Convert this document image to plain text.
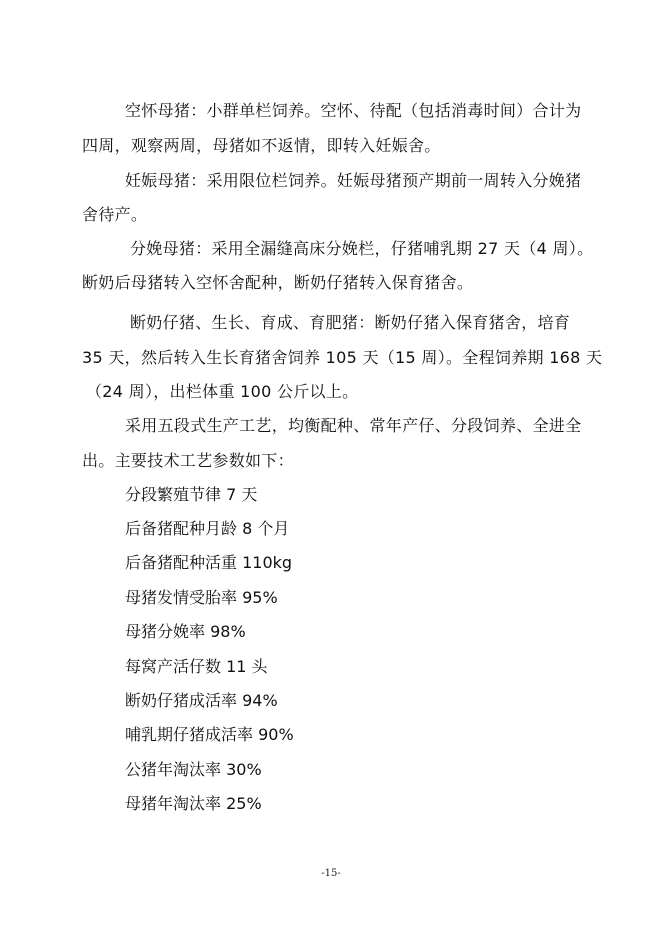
空怀母猪：小群单栏饲养。空怀、待配（包括消毒时间）合计为
四周，观察两周，母猪如不返情，即转入妊娠舍。
妊娠母猪：采用限位栏饲养。妊娠母猪预产期前一周转入分娩猪
舍待产。
分娩母猪：采用全漏缝高床分娩栏，仔猪哺乳期 27 天（4 周）。
断奶后母猪转入空怀舍配种，断奶仔猪转入保育猪舍。
断奶仔猪、生长、育成、育肥猪：断奶仔猪入保育猪舍，培育
35 天，然后转入生长育猪舍饲养 105 天（15 周）。全程饲养期 168 天
（24 周），出栏体重 100 公斤以上。
采用五段式生产工艺，均衡配种、常年产仔、分段饲养、全进全
出。主要技术工艺参数如下：
分段繁殖节律 7 天
后备猪配种月龄 8 个月
后备猪配种活重 110kg
母猪发情受胎率 95%
母猪分娩率 98%
每窝产活仔数 11 头
断奶仔猪成活率 94%
哺乳期仔猪成活率 90%
公猪年淘汰率 30%
母猪年淘汰率 25%
-15-
